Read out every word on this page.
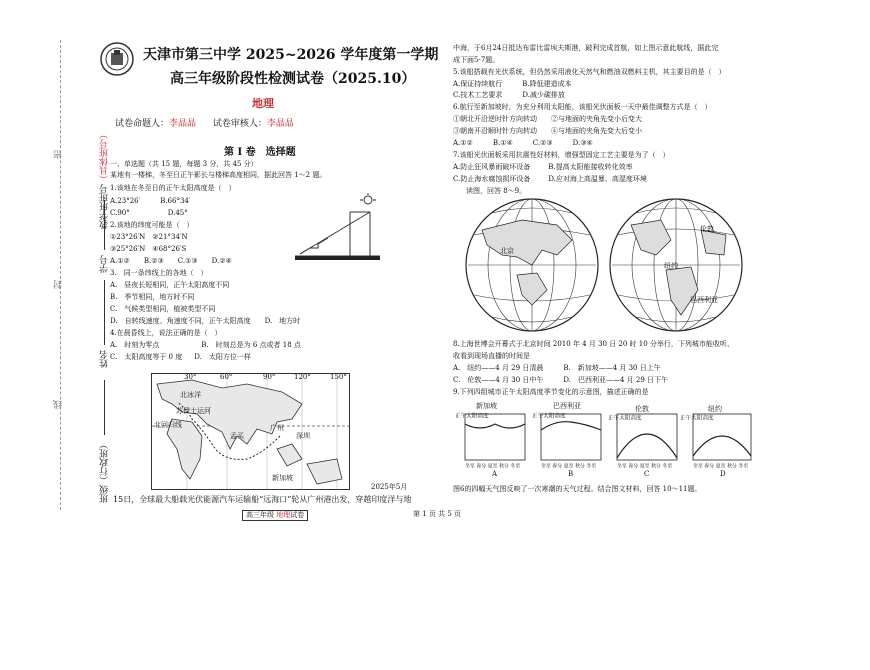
班级（行政班）
姓名
学号
教学班班号（具体班号）
密
封
线
天津市第三中学 2025~2026 学年度第一学期
高三年级阶段性检测试卷（2025.10）
地理
试卷命题人：李晶晶 试卷审核人：李晶晶
第 I 卷　选择题
一、单选题（共 15 题，每题 3 分，共 45 分）
某地有一楼梯，冬至日正午影长与楼梯高度相同，据此回答 1～2 题。
1.该地在冬至日的正午太阳高度是（　）
A.23°26′	B.66°34′
C.90°	D.45°
2.该地的纬度可能是（　）
①23°26′N　②21°34′N
③25°26′N　④68°26′S
A.①② B.②③ C.①③ D.②④
3.　同一条纬线上的各地（　）
A.　昼夜长短相同，正午太阳高度不同
B.　季节相同，地方时不同
C.　气候类型相同，植被类型不同
D.　自转线速度、角速度不同，正午太阳高度　　D.　地方时
4.在晨昏线上，说法正确的是（　）
A.　时刻为零点	B.　时刻总是为 6 点或者 18 点
C.　太阳高度等于 0 度 D.　太阳方位一样
30°	60°	90°	120°	150°
北冰洋
苏伊士运河
北回归线
孟买
广州
深圳
新加坡
2025年5月
15日，全球最大船载光伏能源汽车运输船“远海口”轮从广州港出发，穿越印度洋与地
中海，于6月24日抵达布雷比雷埃夫斯港，破利完成首航，如上图示意此航线，据此完
成下面5-7题。
5.该船搭载有光伏系统，但仍然采用液化天然气和燃油双燃料主机，其主要目的是（　）
A.保证持续航行	B.降低建造成本
C.技术工艺要求	D.减少碳排放
6.航行至新加坡时，为充分利用太阳能，该船光伏面板一天中最佳调整方式是（　）
①朝北开沿逆时针方向转动　　②与地面的夹角先变小后变大
③朝南开沿顺时针方向转动　　④与地面的夹角先变大后变小
A.①②	B.①④	C.②③	D.③④
7.该船光伏面板采用抗震性好材料，增强型固定工艺主要是为了（　）
A.防止狂风暴雨破坏设备	B.提高太阳能接收转化效率
C.防止海水腐蚀损坏设备	D.应对海上高温暴、高湿度环境
读图，回答 8～9。
北京
纽约
伦敦
巴西利亚
8.上海世博会开幕式于北京时间 2010 年 4 月 30 日 20 时 10 分举行，下列城市能收听、
收看到现场直播的时间是
A.　纽约——4 月 29 日清晨	B.　新加坡——4 月 30 日上午
C.　伦敦——4 月 30 日中午	D.　巴西利亚——4 月 29 日下午
9.下列四组城市正午太阳高度季节变化的示意图，描述正确的是
新加坡	巴西利亚	伦敦	纽约
正午太阳高度	正午太阳高度	正午太阳高度	正午太阳高度
冬至 春分 夏至 秋分 冬至	冬至 春分 夏至 秋分 冬至	冬至 春分 夏至 秋分 冬至	冬至 春分 夏至 秋分 冬至
A	B	C	D
图6的四幅天气图反映了一次寒潮的天气过程。结合图文材料，回答 10～11题。
高三年级 地理试卷	第 1 页 共 5 页
